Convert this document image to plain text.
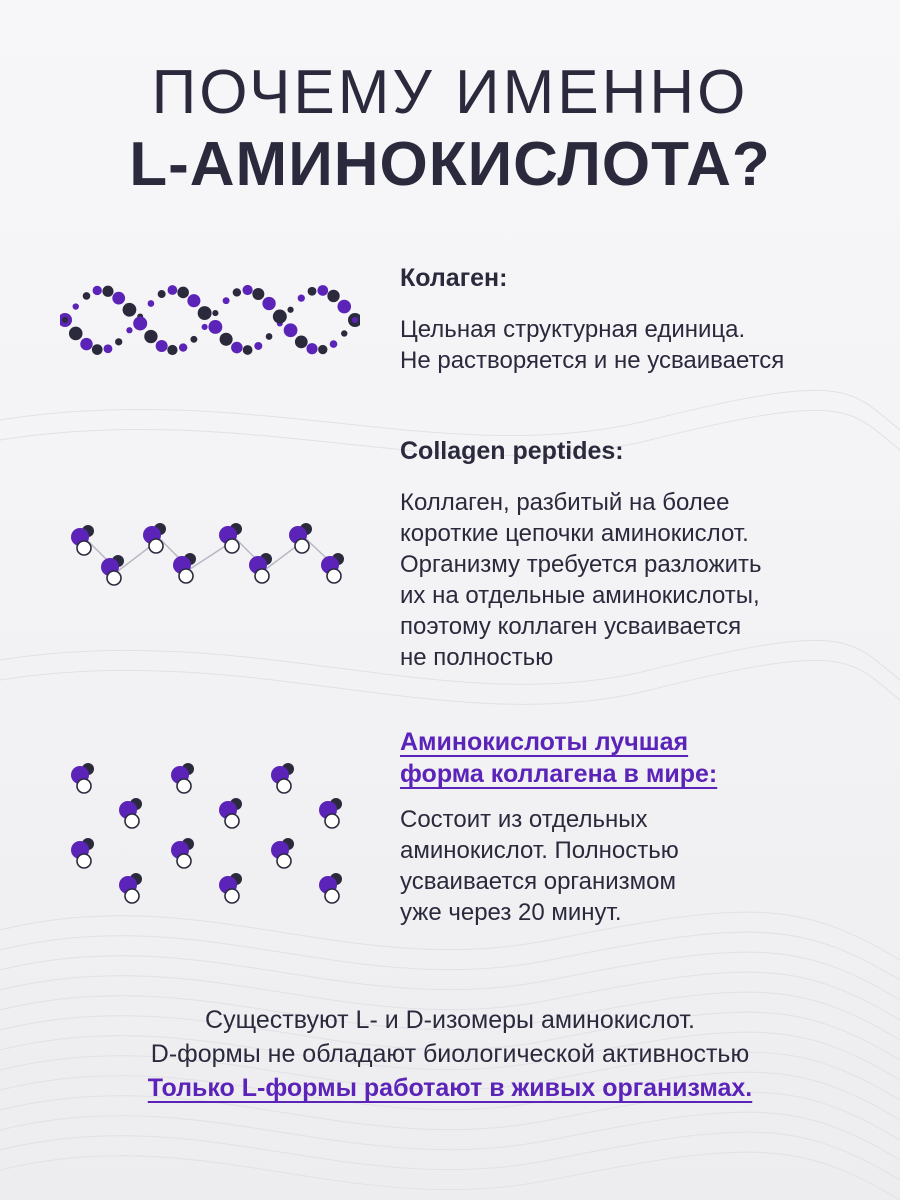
ПОЧЕМУ ИМЕННО
L-АМИНОКИСЛОТА?
Колаген:
Цельная структурная единица.
Не растворяется и не усваивается
Collagen peptides:
Коллаген, разбитый на более
короткие цепочки аминокислот.
Организму требуется разложить
их на отдельные аминокислоты,
поэтому коллаген усваивается
не полностью
Аминокислоты лучшая
форма коллагена в мире:
Состоит из отдельных
аминокислот. Полностью
усваивается организмом
уже через 20 минут.
Существуют L- и D-изомеры аминокислот.
D-формы не обладают биологической активностью
Только L-формы работают в живых организмах.
